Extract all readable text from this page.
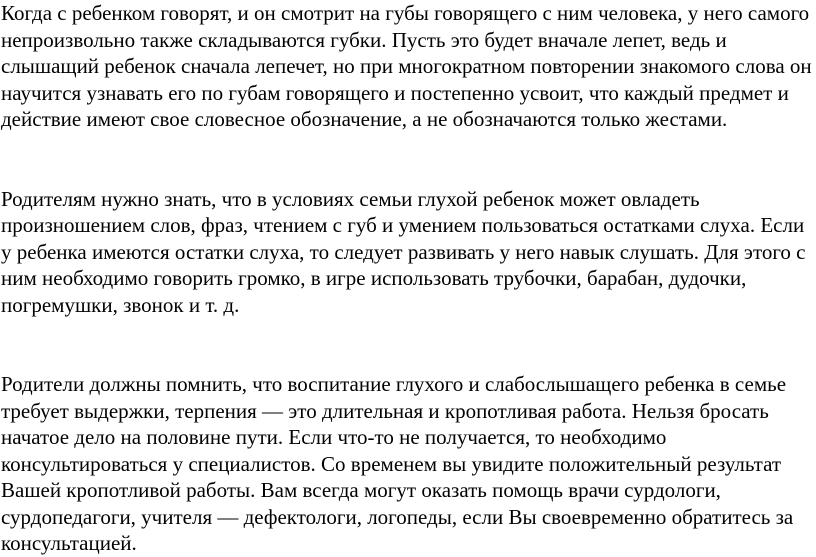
Когда с ребенком говорят, и он смотрит на губы говорящего с ним человека, у него самого непроизвольно также складываются губки. Пусть это будет вначале лепет, ведь и слышащий ребенок сначала лепечет, но при многократном повторении знакомого слова он научится узнавать его по губам говорящего и постепенно усвоит, что каждый предмет и действие имеют свое словесное обозначение, а не обозначаются только жестами.

Родителям нужно знать, что в условиях семьи глухой ребенок может овладеть произношением слов, фраз, чтением с губ и умением пользоваться остатками слуха. Если у ребенка имеются остатки слуха, то следует развивать у него навык слушать. Для этого с ним необходимо говорить громко, в игре использовать трубочки, барабан, дудочки, погремушки, звонок и т. д.

Родители должны помнить, что воспитание глухого и слабослышащего ребенка в семье требует выдержки, терпения — это длительная и кропотливая работа. Нельзя бросать начатое дело на половине пути. Если что-то не получается, то необходимо консультироваться у специалистов. Со временем вы увидите положительный результат Вашей кропотливой работы. Вам всегда могут оказать помощь врачи сурдологи, сурдопедагоги, учителя — дефектологи, логопеды, если Вы своевременно обратитесь за консультацией.
